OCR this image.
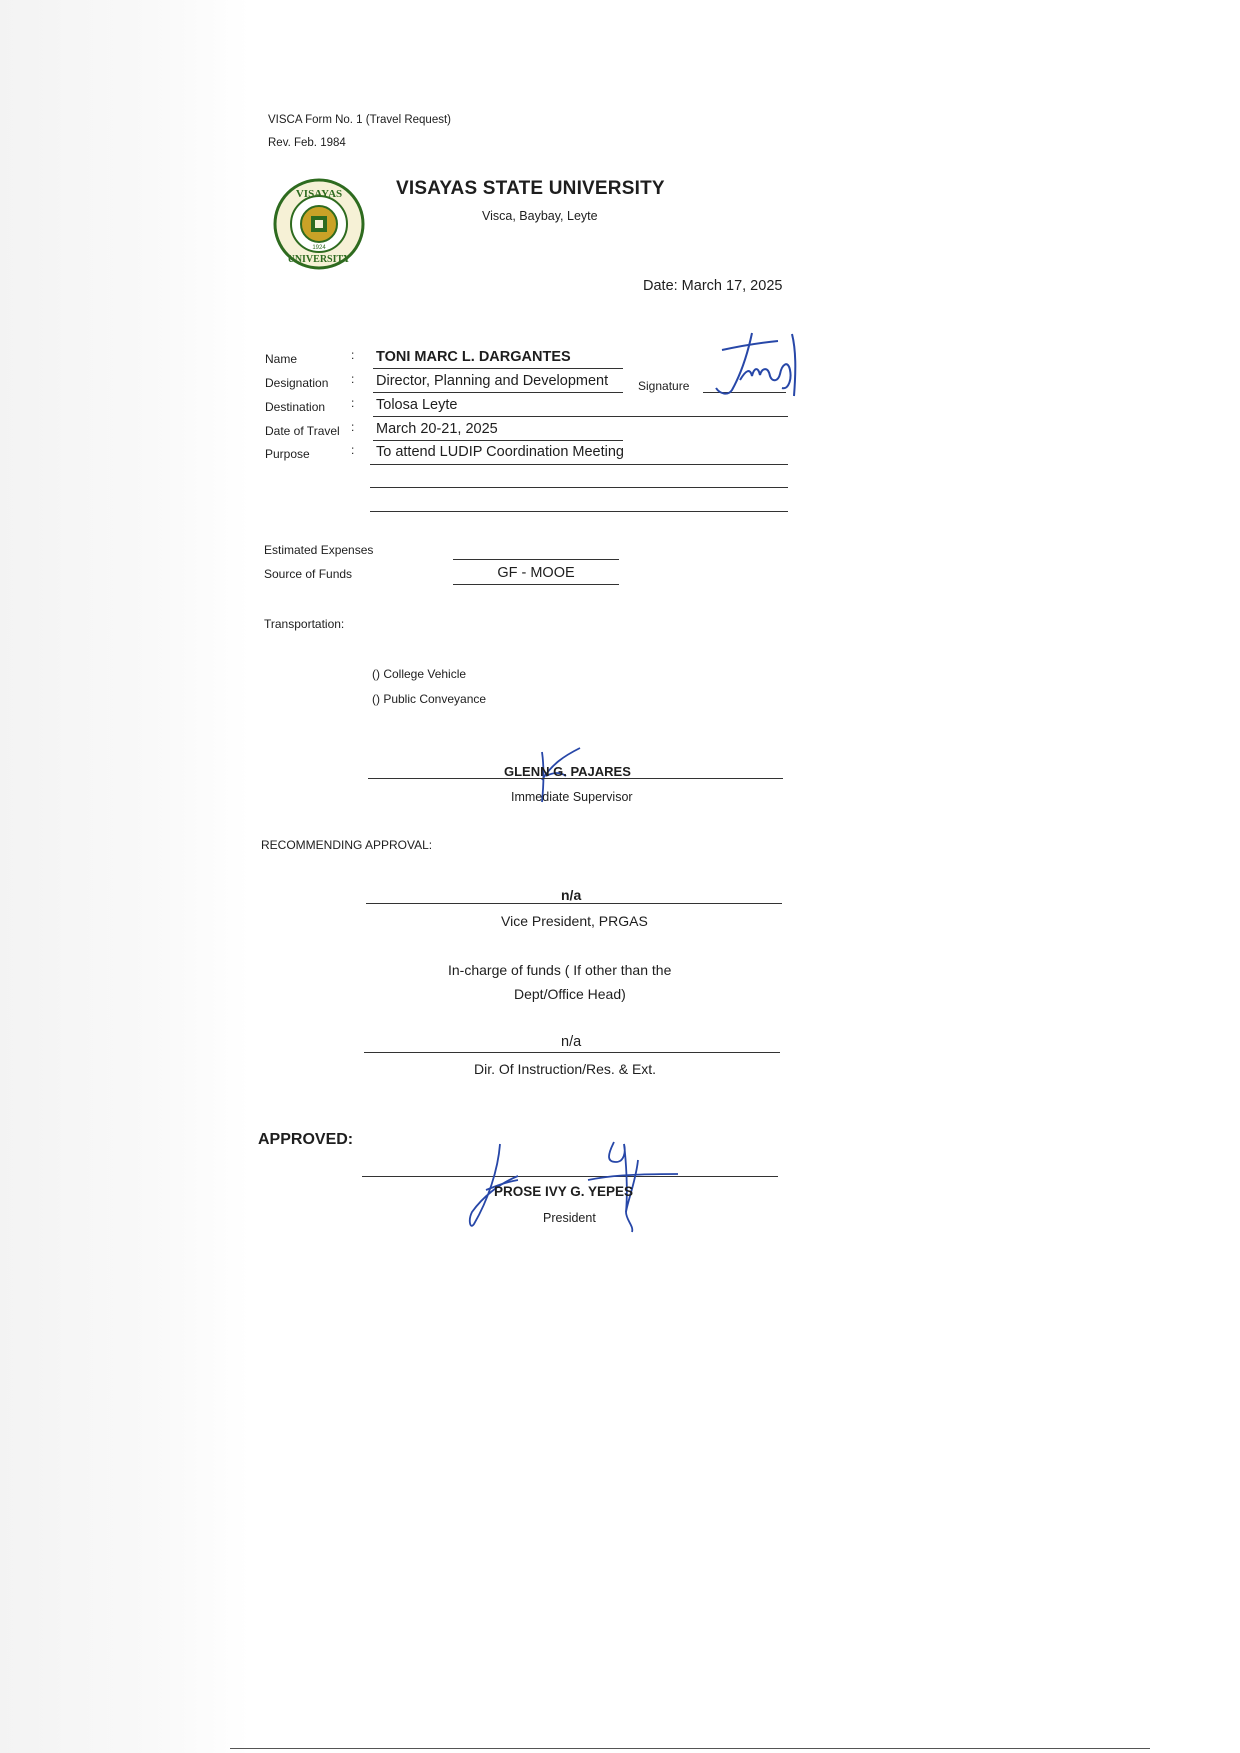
VISCA Form No. 1 (Travel Request)
Rev. Feb. 1984
VISAYAS
UNIVERSITY
1924
VISAYAS STATE UNIVERSITY
Visca, Baybay, Leyte
Date: March 17, 2025
Name	: TONI MARC L. DARGANTES
Designation : Director, Planning and Development Signature
Destination : Tolosa Leyte
Date of Travel : March 20-21, 2025
Purpose	: To attend LUDIP Coordination Meeting
Estimated Expenses
Source of Funds	GF - MOOE
Transportation:
() College Vehicle
() Public Conveyance
GLENN G. PAJARES
Immediate Supervisor
RECOMMENDING APPROVAL:
n/a
Vice President, PRGAS
In-charge of funds ( If other than the
Dept/Office Head)
n/a
Dir. Of Instruction/Res. & Ext.
APPROVED:
PROSE IVY G. YEPES
President
